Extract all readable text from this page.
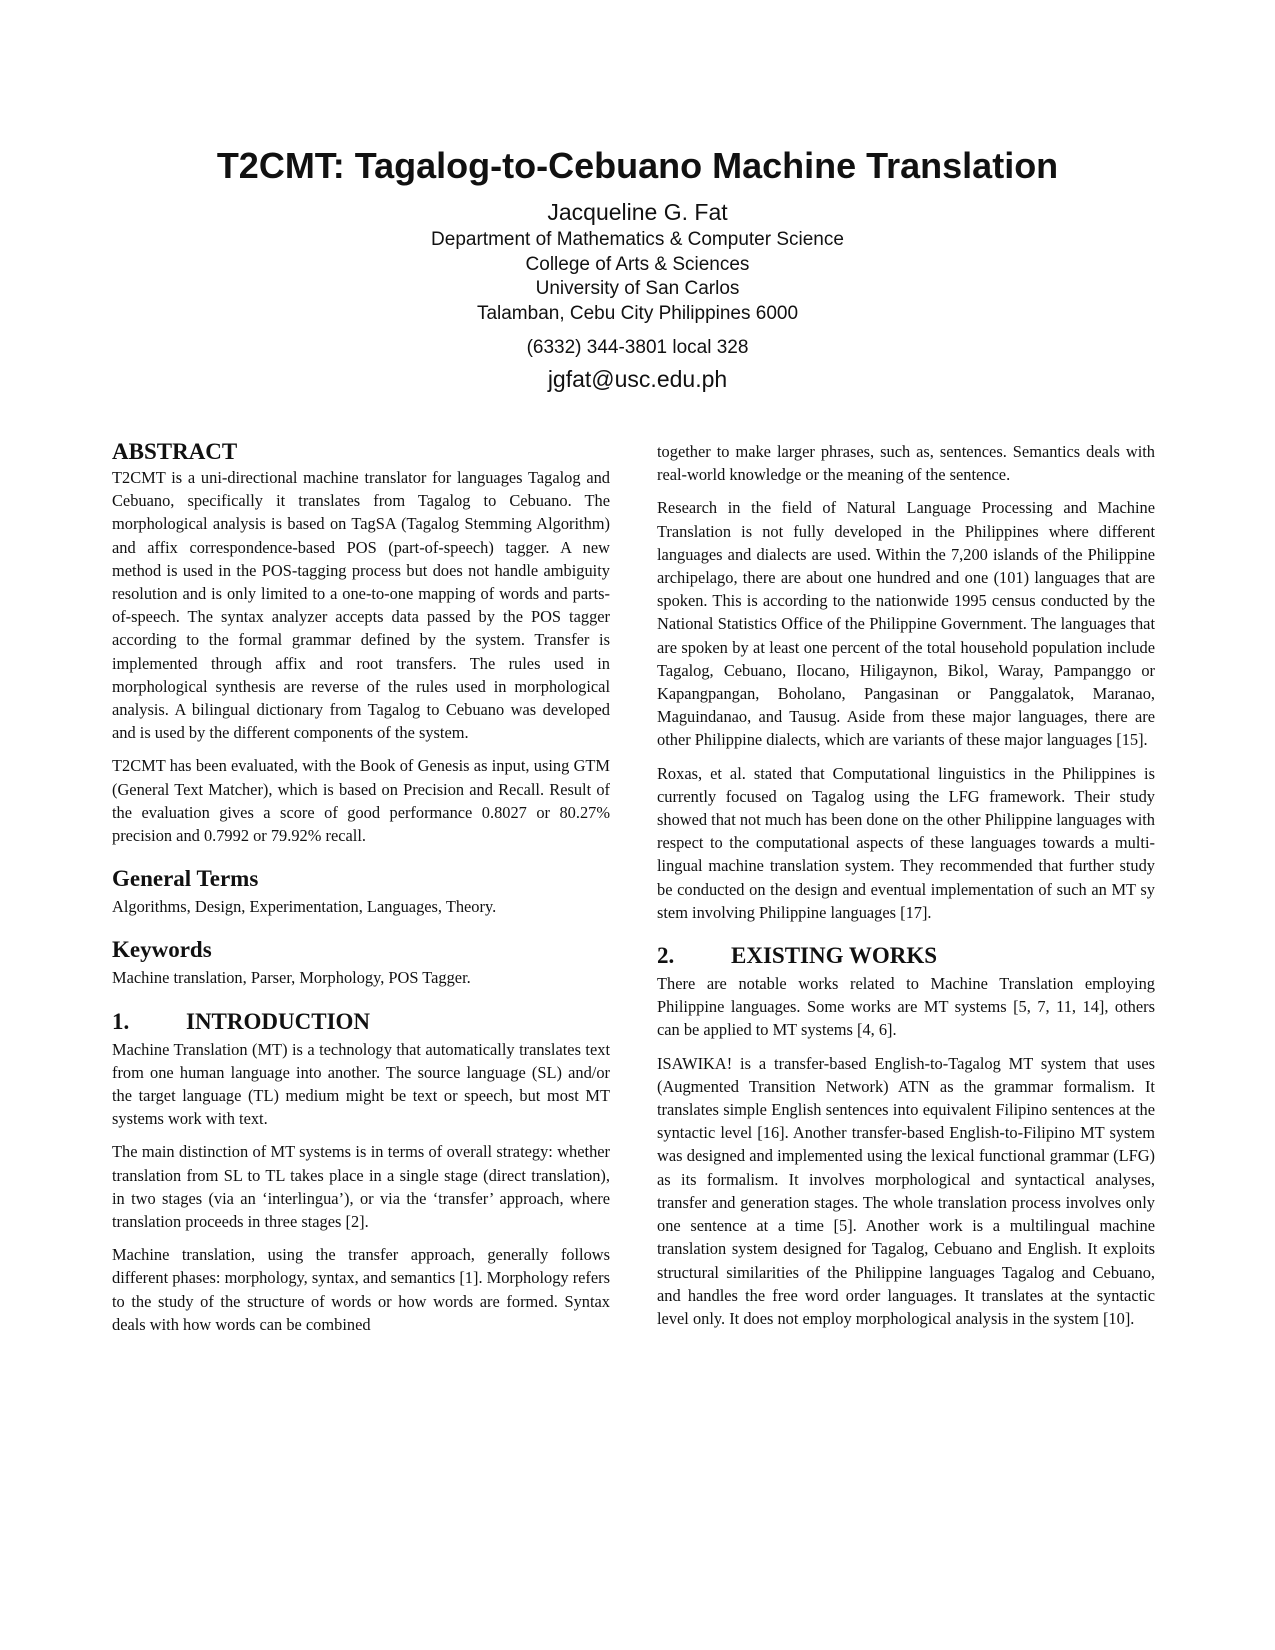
T2CMT: Tagalog-to-Cebuano Machine Translation
Jacqueline G. Fat
Department of Mathematics & Computer Science
College of Arts & Sciences
University of San Carlos
Talamban, Cebu City Philippines 6000
(6332) 344-3801 local 328
jgfat@usc.edu.ph
ABSTRACT

T2CMT is a uni-directional machine translator for languages Tagalog and Cebuano, specifically it translates from Tagalog to Cebuano. The morphological analysis is based on TagSA (Tagalog Stemming Algorithm) and affix correspondence-based POS (part-of-speech) tagger. A new method is used in the POS-tagging process but does not handle ambiguity resolution and is only limited to a one-to-one mapping of words and parts-of-speech. The syntax analyzer accepts data passed by the POS tagger according to the formal grammar defined by the system. Transfer is implemented through affix and root transfers. The rules used in morphological synthesis are reverse of the rules used in morphological analysis. A bilingual dictionary from Tagalog to Cebuano was developed and is used by the different components of the system.

T2CMT has been evaluated, with the Book of Genesis as input, using GTM (General Text Matcher), which is based on Precision and Recall. Result of the evaluation gives a score of good performance 0.8027 or 80.27% precision and 0.7992 or 79.92% recall.

General Terms

Algorithms, Design, Experimentation, Languages, Theory.

Keywords

Machine translation, Parser, Morphology, POS Tagger.

1.	INTRODUCTION

Machine Translation (MT) is a technology that automatically translates text from one human language into another. The source language (SL) and/or the target language (TL) medium might be text or speech, but most MT systems work with text.

The main distinction of MT systems is in terms of overall strategy: whether translation from SL to TL takes place in a single stage (direct translation), in two stages (via an ‘interlingua’), or via the ‘transfer’ approach, where translation proceeds in three stages [2].

Machine translation, using the transfer approach, generally follows different phases: morphology, syntax, and semantics [1]. Morphology refers to the study of the structure of words or how words are formed. Syntax deals with how words can be combined

together to make larger phrases, such as, sentences. Semantics deals with real-world knowledge or the meaning of the sentence.

Research in the field of Natural Language Processing and Machine Translation is not fully developed in the Philippines where different languages and dialects are used. Within the 7,200 islands of the Philippine archipelago, there are about one hundred and one (101) languages that are spoken. This is according to the nationwide 1995 census conducted by the National Statistics Office of the Philippine Government. The languages that are spoken by at least one percent of the total household population include Tagalog, Cebuano, Ilocano, Hiligaynon, Bikol, Waray, Pampanggo or Kapangpangan, Boholano, Pangasinan or Panggalatok, Maranao, Maguindanao, and Tausug. Aside from these major languages, there are other Philippine dialects, which are variants of these major languages [15].

Roxas, et al. stated that Computational linguistics in the Philippines is currently focused on Tagalog using the LFG framework. Their study showed that not much has been done on the other Philippine languages with respect to the computational aspects of these languages towards a multi-lingual machine translation system. They recommended that further study be conducted on the design and eventual implementation of such an MT sy stem involving Philippine languages [17].

2.	EXISTING WORKS

There are notable works related to Machine Translation employing Philippine languages. Some works are MT systems [5, 7, 11, 14], others can be applied to MT systems [4, 6].

ISAWIKA! is a transfer-based English-to-Tagalog MT system that uses (Augmented Transition Network) ATN as the grammar formalism. It translates simple English sentences into equivalent Filipino sentences at the syntactic level [16]. Another transfer-based English-to-Filipino MT system was designed and implemented using the lexical functional grammar (LFG) as its formalism. It involves morphological and syntactical analyses, transfer and generation stages. The whole translation process involves only one sentence at a time [5]. Another work is a multilingual machine translation system designed for Tagalog, Cebuano and English. It exploits structural similarities of the Philippine languages Tagalog and Cebuano, and handles the free word order languages. It translates at the syntactic level only. It does not employ morphological analysis in the system [10].
